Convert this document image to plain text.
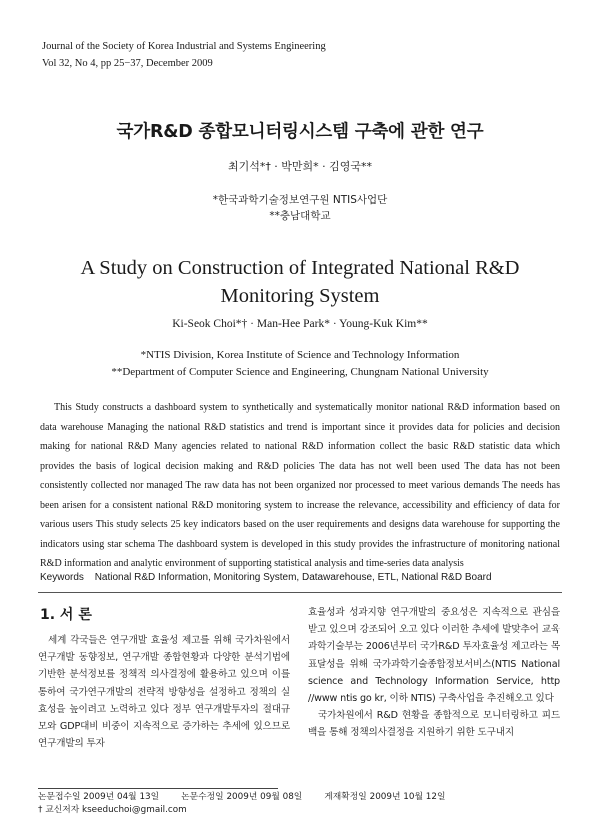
Journal of the Society of Korea Industrial and Systems Engineering
Vol 32, No 4, pp 25−37, December 2009
국가R&D 종합모니터링시스템 구축에 관한 연구
최기석*† · 박만희* · 김영국**
*한국과학기술정보연구원 NTIS사업단
**충남대학교
A Study on Construction of Integrated National R&D
Monitoring System
Ki-Seok Choi*† · Man-Hee Park* · Young-Kuk Kim**
*NTIS Division, Korea Institute of Science and Technology Information
**Department of Computer Science and Engineering, Chungnam National University
This Study constructs a dashboard system to synthetically and systematically monitor national R&D information based on data warehouse Managing the national R&D statistics and trend is important since it provides data for policies and decision making for national R&D Many agencies related to national R&D information collect the basic R&D statistic data which provides the basis of logical decision making and R&D policies The data has not well been used The data has not been consistently collected nor managed The raw data has not been organized nor processed to meet various demands The needs has been arisen for a consistent national R&D monitoring system to increase the relevance, accessibility and efficiency of data for various users This study selects 25 key indicators based on the user requirements and designs data warehouse for supporting the indicators using star schema The dashboard system is developed in this study provides the infrastructure of monitoring national R&D information and analytic environment of supporting statistical analysis and time-series data analysis
Keywords National R&D Information, Monitoring System, Datawarehouse, ETL, National R&D Board
1. 서 론
세계 각국들은 연구개발 효율성 제고를 위해 국가차원에서 연구개발 동향정보, 연구개발 종합현황과 다양한 분석기법에 기반한 분석정보를 정책적 의사결정에 활용하고 있으며 이를 통하여 국가연구개발의 전략적 방향성을 설정하고 정책의 실효성을 높이려고 노력하고 있다 정부 연구개발투자의 절대규모와 GDP대비 비중이 지속적으로 증가하는 추세에 있으므로 연구개발의 투자

효율성과 성과지향 연구개발의 중요성은 지속적으로 관심을 받고 있으며 강조되어 오고 있다 이러한 추세에 발맞추어 교육과학기술부는 2006년부터 국가R&D 투자효율성 제고라는 목표달성을 위해 국가과학기술종합정보서비스(NTIS National science and Technology Information Service, http //www ntis go kr, 이하 NTIS) 구축사업을 추진해오고 있다

국가차원에서 R&D 현황을 종합적으로 모니터링하고 피드백을 통해 정책의사결정을 지원하기 위한 도구내지

논문접수일 2009년 04월 13일	논문수정일 2009년 09월 08일	게재확정일 2009년 10월 12일
† 교신저자 kseeduchoi@gmail.com
